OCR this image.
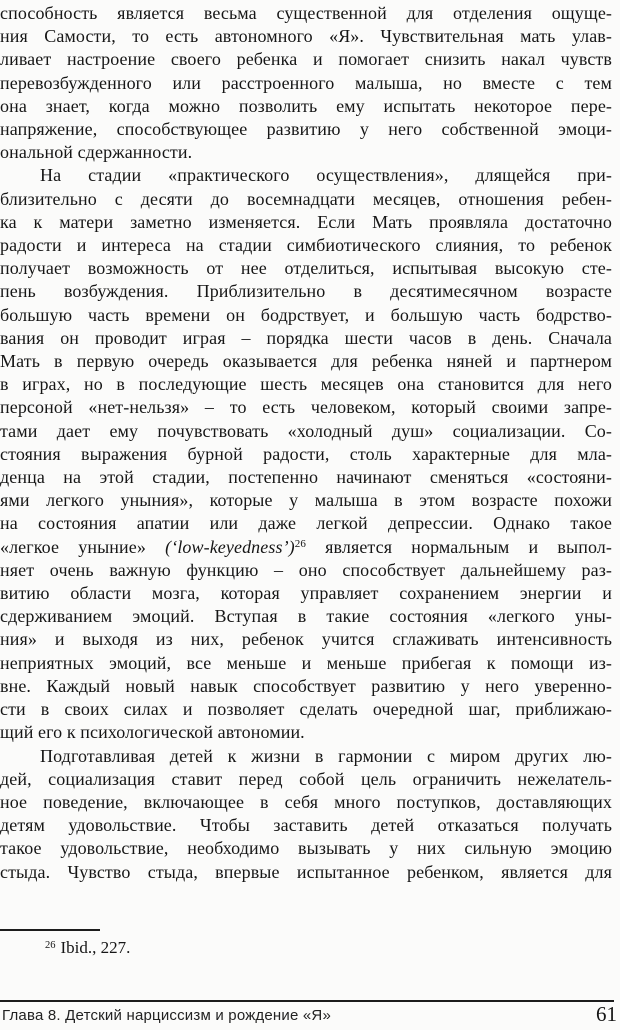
способность является весьма существенной для отделения ощуще-
ния Самости, то есть автономного «Я». Чувствительная мать улав-
ливает настроение своего ребенка и помогает снизить накал чувств
перевозбужденного или расстроенного малыша, но вместе с тем
она знает, когда можно позволить ему испытать некоторое пере-
напряжение, способствующее развитию у него собственной эмоци-
ональной сдержанности.
На стадии «практического осуществления», длящейся при-
близительно с десяти до восемнадцати месяцев, отношения ребен-
ка к матери заметно изменяется. Если Мать проявляла достаточно
радости и интереса на стадии симбиотического слияния, то ребенок
получает возможность от нее отделиться, испытывая высокую сте-
пень возбуждения. Приблизительно в десятимесячном возрасте
большую часть времени он бодрствует, и большую часть бодрство-
вания он проводит играя – порядка шести часов в день. Сначала
Мать в первую очередь оказывается для ребенка няней и партнером
в играх, но в последующие шесть месяцев она становится для него
персоной «нет-нельзя» – то есть человеком, который своими запре-
тами дает ему почувствовать «холодный душ» социализации. Со-
стояния выражения бурной радости, столь характерные для мла-
денца на этой стадии, постепенно начинают сменяться «состояни-
ями легкого уныния», которые у малыша в этом возрасте похожи
на состояния апатии или даже легкой депрессии. Однако такое
«легкое уныние» (‘low-keyedness’)$^{26}$ является нормальным и выпол-
няет очень важную функцию – оно способствует дальнейшему раз-
витию области мозга, которая управляет сохранением энергии и
сдерживанием эмоций. Вступая в такие состояния «легкого уны-
ния» и выходя из них, ребенок учится сглаживать интенсивность
неприятных эмоций, все меньше и меньше прибегая к помощи из-
вне. Каждый новый навык способствует развитию у него уверенно-
сти в своих силах и позволяет сделать очередной шаг, приближаю-
щий его к психологической автономии.
Подготавливая детей к жизни в гармонии с миром других лю-
дей, социализация ставит перед собой цель ограничить нежелатель-
ное поведение, включающее в себя много поступков, доставляющих
детям удовольствие. Чтобы заставить детей отказаться получать
такое удовольствие, необходимо вызывать у них сильную эмоцию
стыда. Чувство стыда, впервые испытанное ребенком, является для
$^{26}$ Ibid., 227.
Глава 8. Детский нарциссизм и рождение «Я»	61
